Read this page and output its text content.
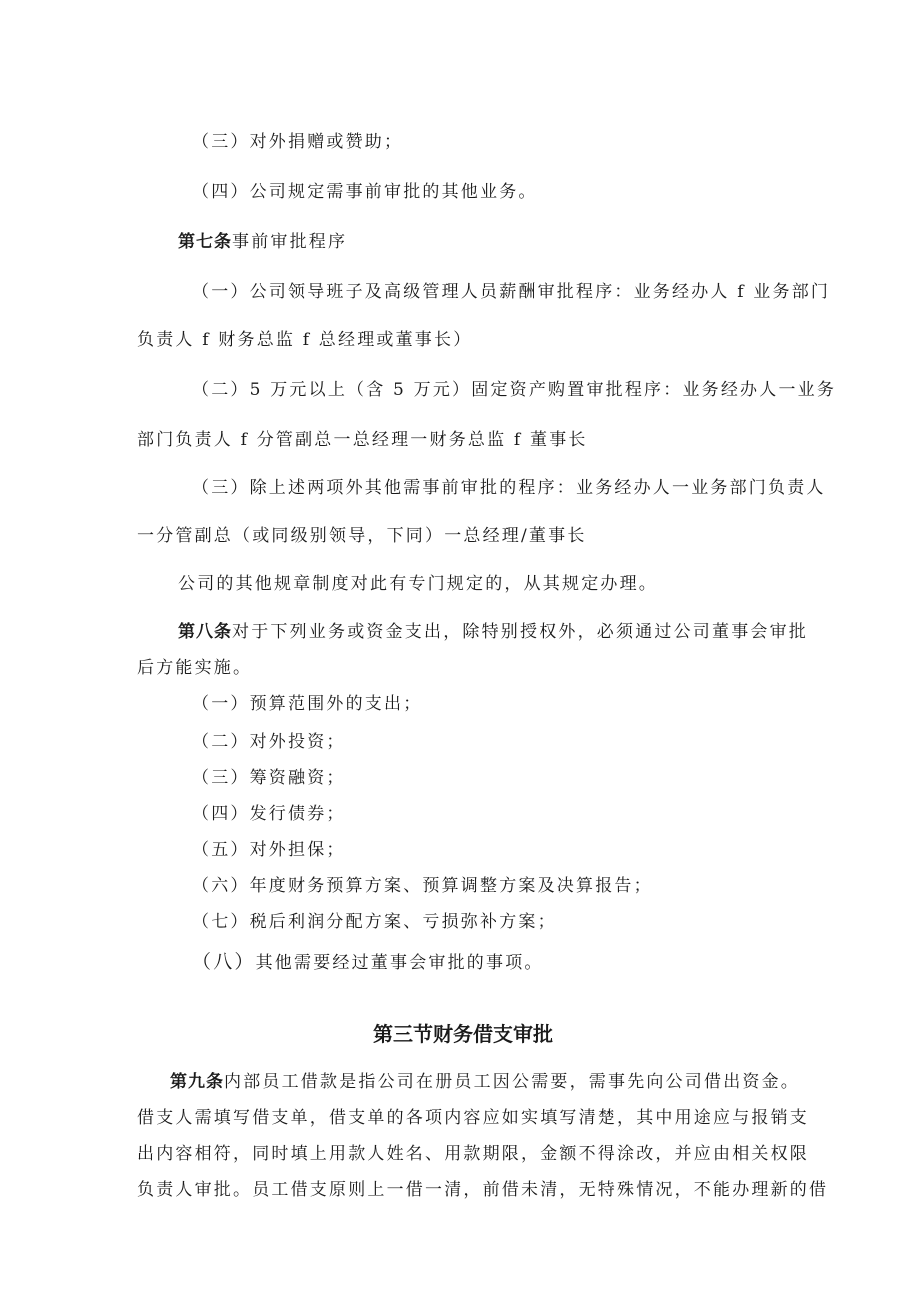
（三）对外捐赠或赞助；
（四）公司规定需事前审批的其他业务。
第七条事前审批程序
（一）公司领导班子及高级管理人员薪酬审批程序：业务经办人 f 业务部门
负责人 f 财务总监 f 总经理或董事长）
（二）5 万元以上（含 5 万元）固定资产购置审批程序：业务经办人一业务
部门负责人 f 分管副总一总经理一财务总监 f 董事长
（三）除上述两项外其他需事前审批的程序：业务经办人一业务部门负责人
一分管副总（或同级别领导，下同）一总经理/董事长
公司的其他规章制度对此有专门规定的，从其规定办理。
第八条对于下列业务或资金支出，除特别授权外，必须通过公司董事会审批
后方能实施。
（一）预算范围外的支出；
（二）对外投资；
（三）筹资融资；
（四）发行债券；
（五）对外担保；
（六）年度财务预算方案、预算调整方案及决算报告；
（七）税后利润分配方案、亏损弥补方案；
（八）其他需要经过董事会审批的事项。
第三节财务借支审批
第九条内部员工借款是指公司在册员工因公需要，需事先向公司借出资金。
借支人需填写借支单，借支单的各项内容应如实填写清楚，其中用途应与报销支
出内容相符，同时填上用款人姓名、用款期限，金额不得涂改，并应由相关权限
负责人审批。员工借支原则上一借一清，前借未清，无特殊情况，不能办理新的借
